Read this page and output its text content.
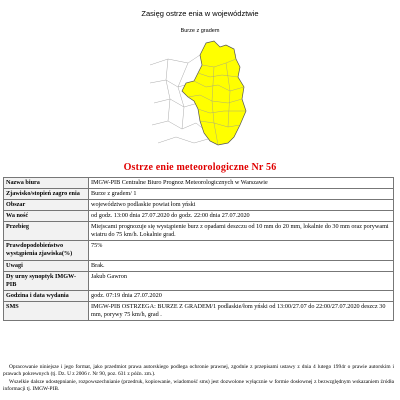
Zasięg ostrze enia w województwie
Burze z gradem
Ostrze enie meteorologiczne Nr 56
Nazwa biura	IMGW-PIB Centralne Biuro Prognoz Meteorologicznych w Warszawie
Zjawisko/stopień zagro enia	Burze z gradem/ 1
Obszar	województwo podlaskie powiat łom yński
Wa ność	od godz. 13:00 dnia 27.07.2020 do godz. 22:00 dnia 27.07.2020
Przebieg	Miejscami prognozuje się wystąpienie burz z opadami deszczu od 10 mm do 20 mm, lokalnie do 30 mm oraz porywami wiatru do 75 km/h. Lokalnie grad.
Prawdopodobieństwo wystąpienia zjawiska(%)	75%
Uwagi	Brak.
Dy urny synoptyk IMGW-PIB	Jakub Gawron
Godzina i data wydania	godz. 07:19 dnia 27.07.2020
SMS	IMGW-PIB OSTRZEGA: BURZE Z GRADEM/1 podlaskie/łom yński od 13:00/27.07 do 22:00/27.07.2020 deszcz 30 mm, porywy 75 km/h, grad .

Opracowanie niniejsze i jego format, jako przedmiot prawa autorskiego podlega ochronie prawnej, zgodnie z przepisami ustawy z dnia 4 lutego 1994r o prawie autorskim i prawach pokrewnych (tj. Dz. U z 2006 r. Nr 90, poz. 631 z późn. zm.).

Wszelkie dalsze udostępnianie, rozpowszechnianie (przedruk, kopiowanie, wiadomość sms) jest dozwolone wyłącznie w formie dosłownej z bezwzględnym wskazaniem źródła informacji tj. IMGW-PIB.
